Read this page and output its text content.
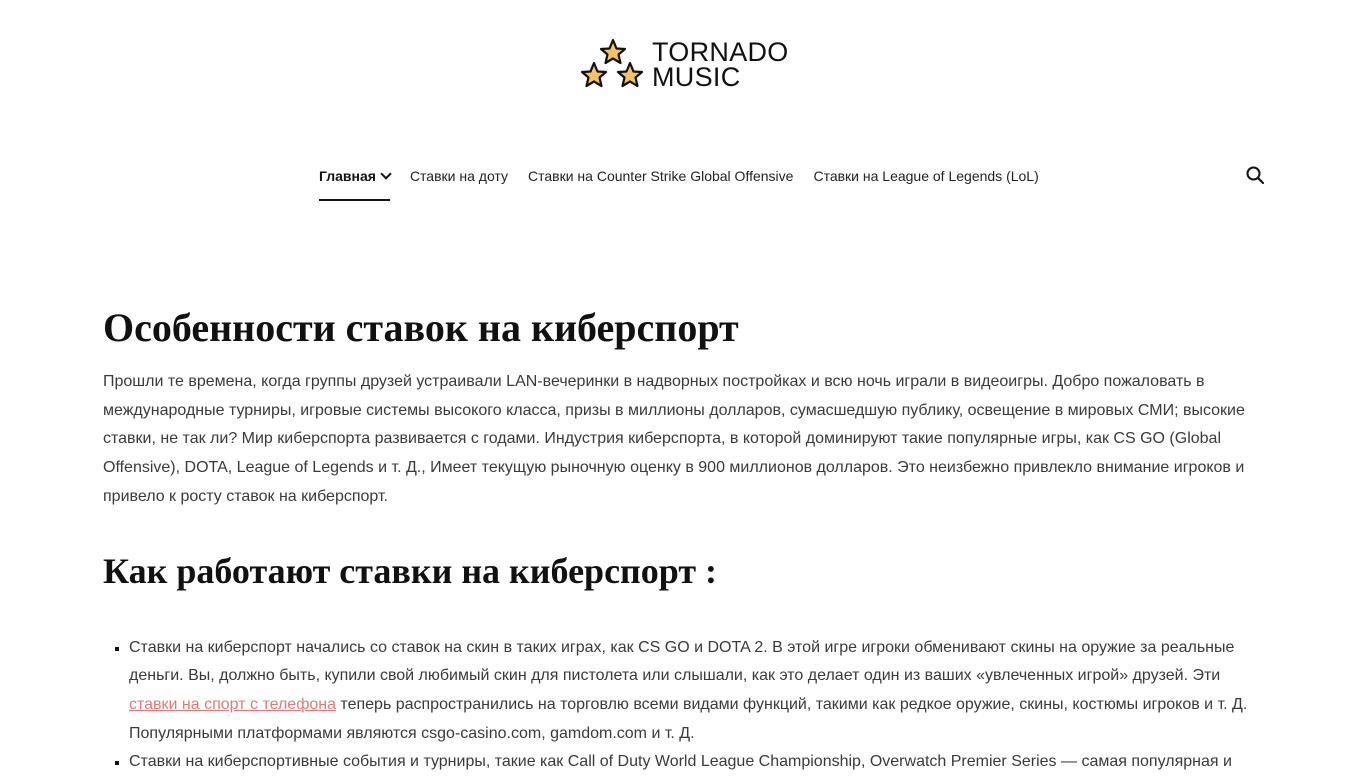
TORNADO
MUSIC
Главная	Ставки на доту Ставки на Counter Strike Global Offensive Ставки на League of Legends (LoL)
Особенности ставок на киберспорт

Прошли те времена, когда группы друзей устраивали LAN-вечеринки в надворных постройках и всю ночь играли в видеоигры. Добро пожаловать в международные турниры, игровые системы высокого класса, призы в миллионы долларов, сумасшедшую публику, освещение в мировых СМИ; высокие ставки, не так ли? Мир киберспорта развивается с годами. Индустрия киберспорта, в которой доминируют такие популярные игры, как CS GO (Global Offensive), DOTA, League of Legends и т. Д., Имеет текущую рыночную оценку в 900 миллионов долларов. Это неизбежно привлекло внимание игроков и привело к росту ставок на киберспорт.

Как работают ставки на киберспорт :
▪ Ставки на киберспорт начались со ставок на скин в таких играх, как CS GO и DOTA 2. В этой игре игроки обменивают скины на оружие за реальные деньги. Вы, должно быть, купили свой любимый скин для пистолета или слышали, как это делает один из ваших «увлеченных игрой» друзей. Эти ставки на спорт с телефона теперь распространились на торговлю всеми видами функций, такими как редкое оружие, скины, костюмы игроков и т. Д. Популярными платформами являются csgo-casino.com, gamdom.com и т. Д.
▪ Ставки на киберспортивные события и турниры, такие как Call of Duty World League Championship, Overwatch Premier Series — самая популярная и
